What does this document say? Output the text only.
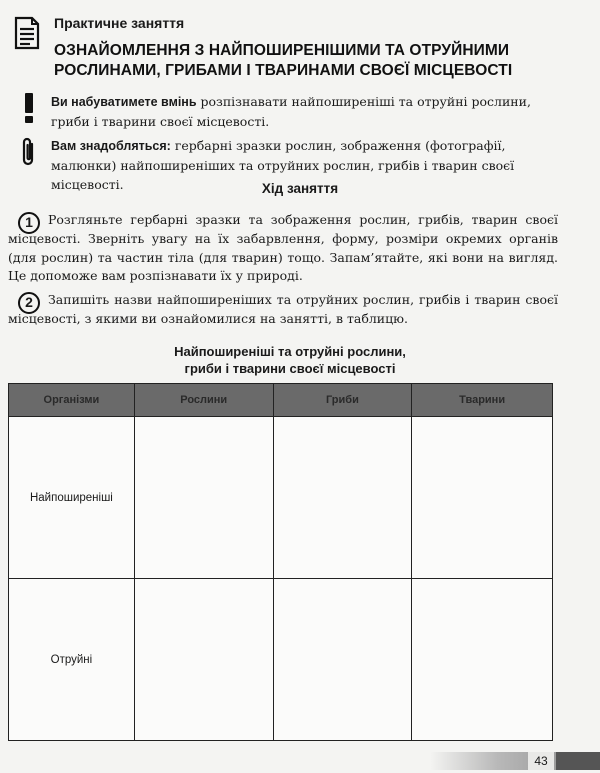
Практичне заняття
ОЗНАЙОМЛЕННЯ З НАЙПОШИРЕНІШИМИ ТА ОТРУЙНИМИ
РОСЛИНАМИ, ГРИБАМИ І ТВАРИНАМИ СВОЄЇ МІСЦЕВОСТІ
Ви набуватимете вмінь розпізнавати найпоширеніші та отруйні рослини, гриби і тварини своєї місцевості.
Вам знадобляться: гербарні зразки рослин, зображення (фотографії, малюнки) найпоширеніших та отруйних рослин, грибів і тварин своєї місцевості.	Хід заняття
Розгляньте гербарні зразки та зображення рослин, грибів, тварин своєї місцевості. Зверніть увагу на їх забарвлення, форму, розміри окремих органів (для рослин) та частин тіла (для тварин) тощо. Запам’ятайте, які вони на вигляд. Це допоможе вам розпізнавати їх у природі.
1
Запишіть назви найпоширеніших та отруйних рослин, грибів і тварин своєї місцевості, з якими ви ознайомилися на занятті, в таблицю.
2
Найпоширеніші та отруйні рослини,
гриби і тварини своєї місцевості
Організми	Рослини	Гриби	Тварини
Найпоширеніші			
Отруйні			
43
